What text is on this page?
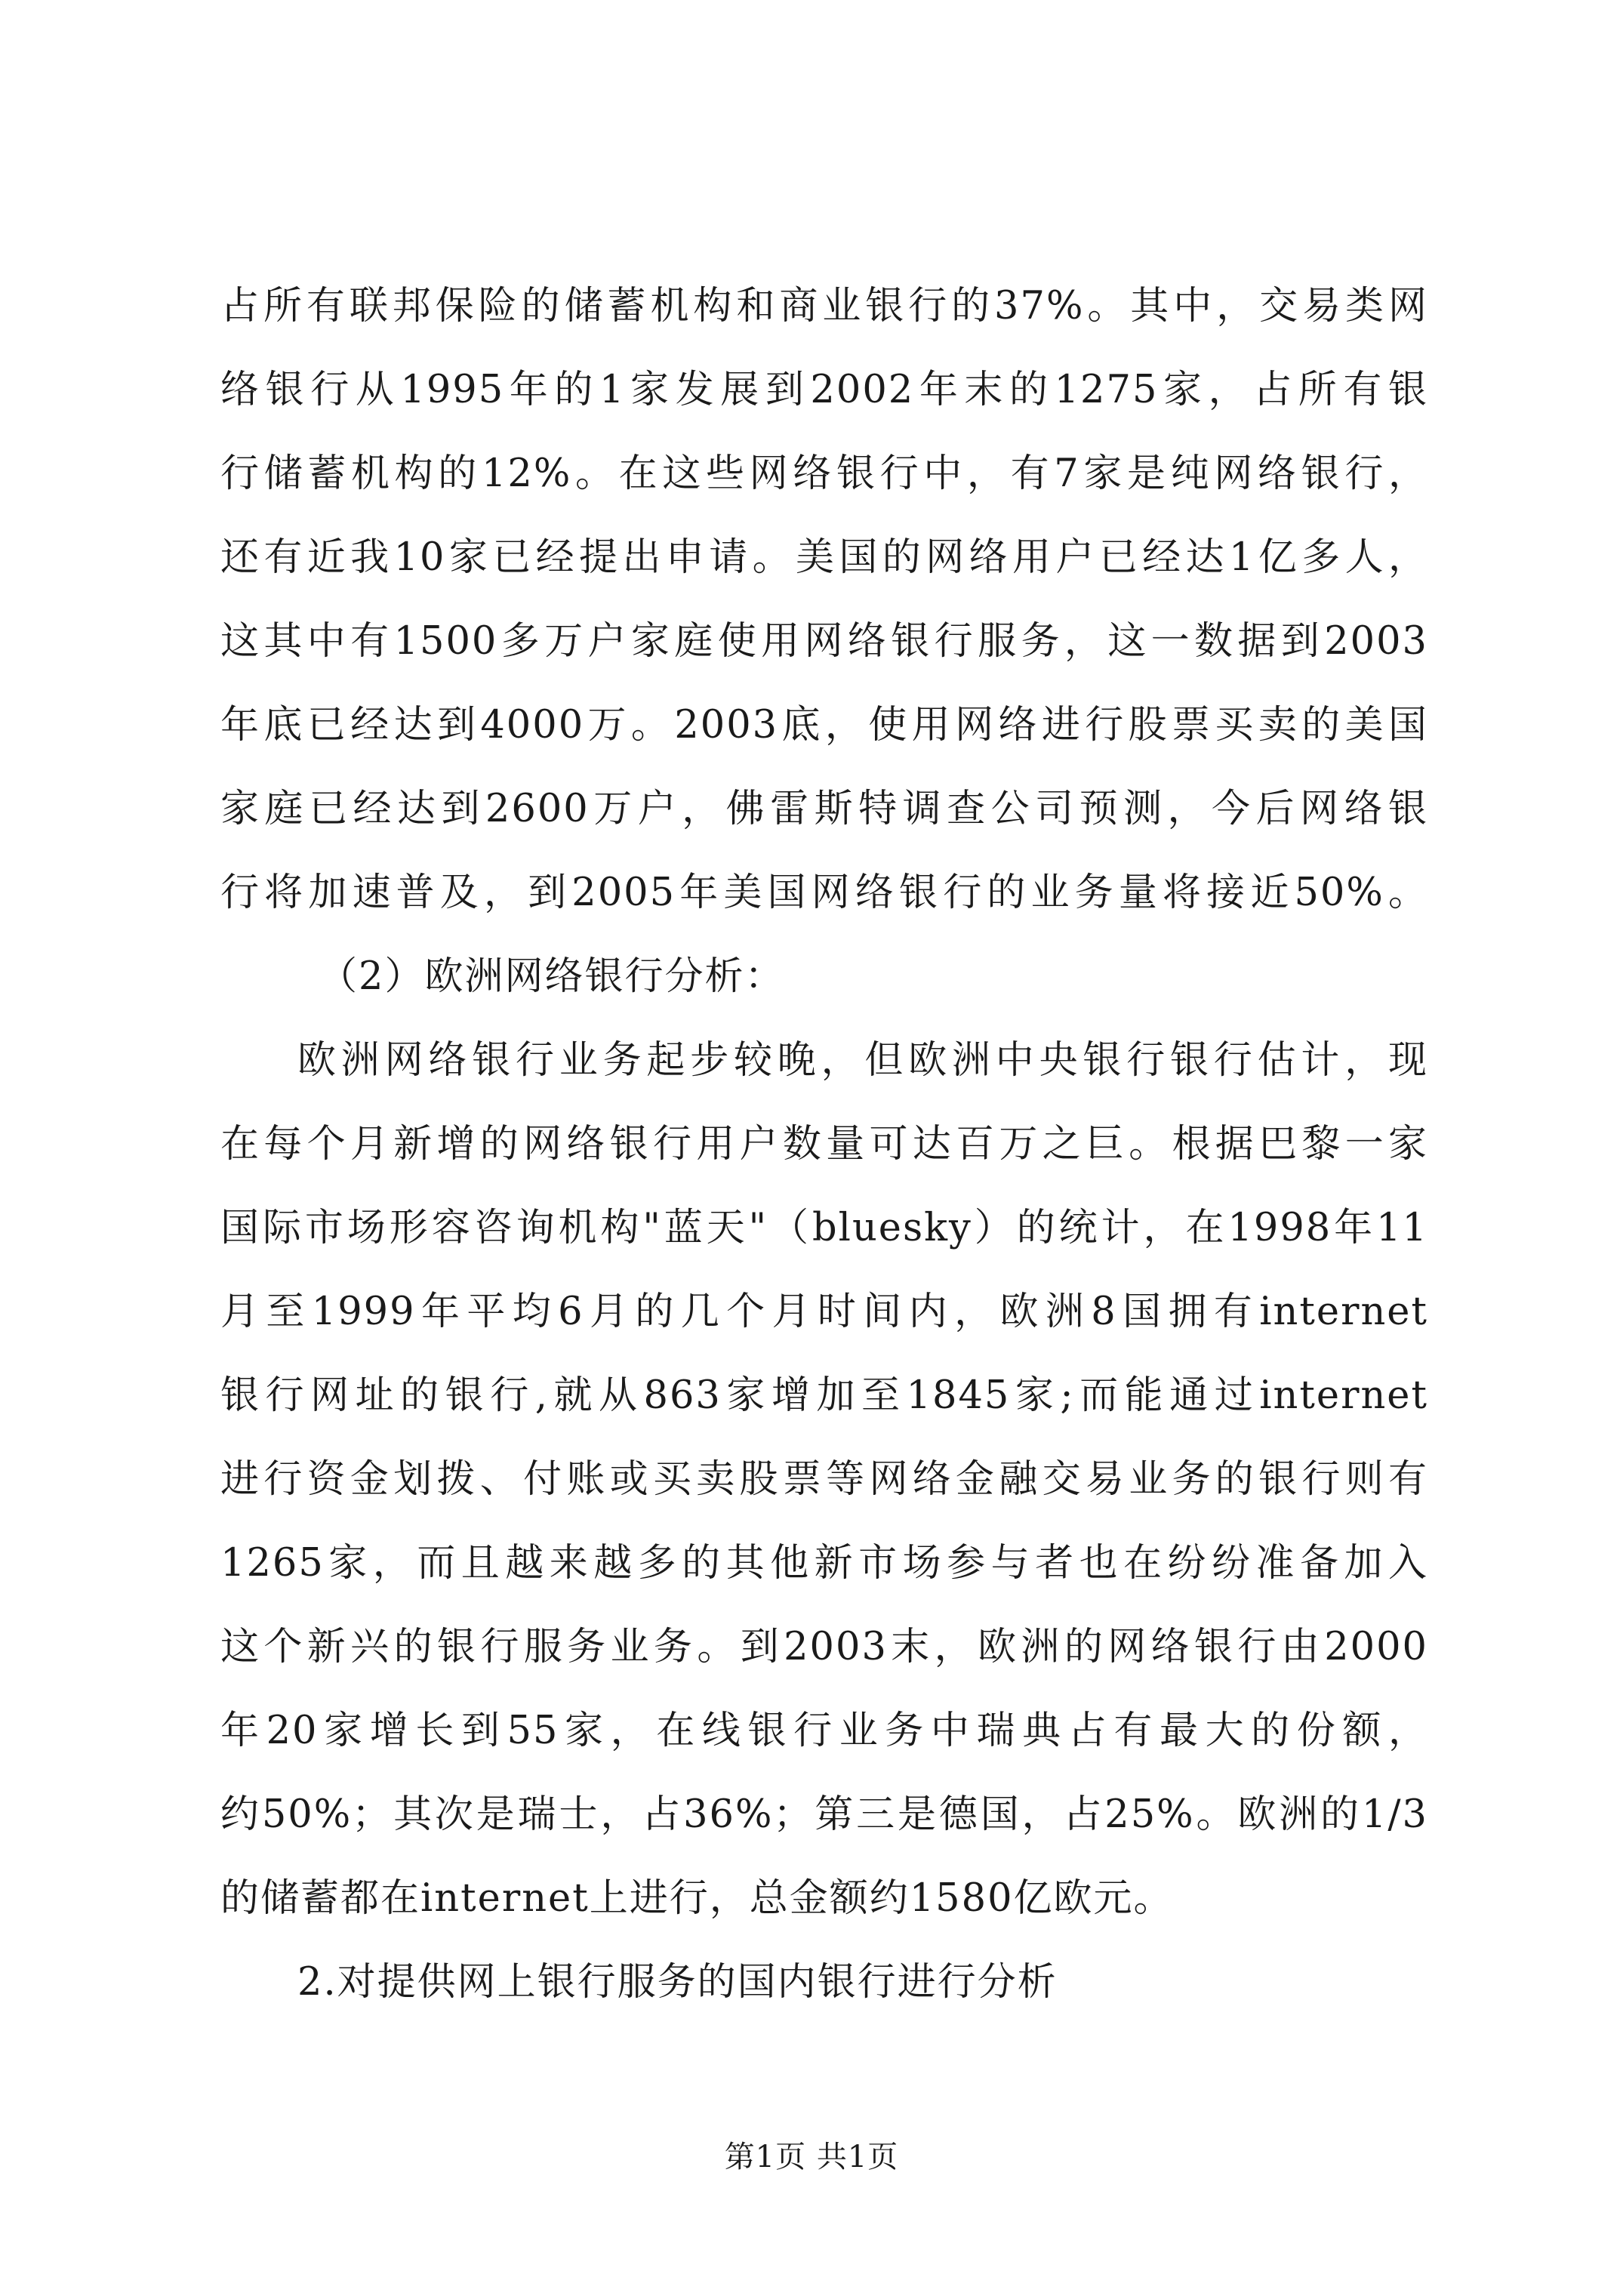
占所有联邦保险的储蓄机构和商业银行的37%。其中，交易类网
络银行从1995年的1家发展到2002年末的1275家，占所有银
行储蓄机构的12%。在这些网络银行中，有7家是纯网络银行，
还有近我10家已经提出申请。美国的网络用户已经达1亿多人，
这其中有1500多万户家庭使用网络银行服务，这一数据到2003
年底已经达到4000万。2003底，使用网络进行股票买卖的美国
家庭已经达到2600万户，佛雷斯特调查公司预测，今后网络银
行将加速普及，到2005年美国网络银行的业务量将接近50%。
（2）欧洲网络银行分析：
欧洲网络银行业务起步较晚，但欧洲中央银行银行估计，现
在每个月新增的网络银行用户数量可达百万之巨。根据巴黎一家
国际市场形容咨询机构"蓝天"（bluesky）的统计，在1998年11
月至1999年平均6月的几个月时间内，欧洲8国拥有internet
银行网址的银行,就从863家增加至1845家;而能通过internet
进行资金划拨、付账或买卖股票等网络金融交易业务的银行则有
1265家，而且越来越多的其他新市场参与者也在纷纷准备加入
这个新兴的银行服务业务。到2003末，欧洲的网络银行由2000
年20家增长到55家，在线银行业务中瑞典占有最大的份额，
约50%；其次是瑞士，占36%；第三是德国，占25%。欧洲的1/3
的储蓄都在internet上进行，总金额约1580亿欧元。
2.对提供网上银行服务的国内银行进行分析
第1页 共1页
